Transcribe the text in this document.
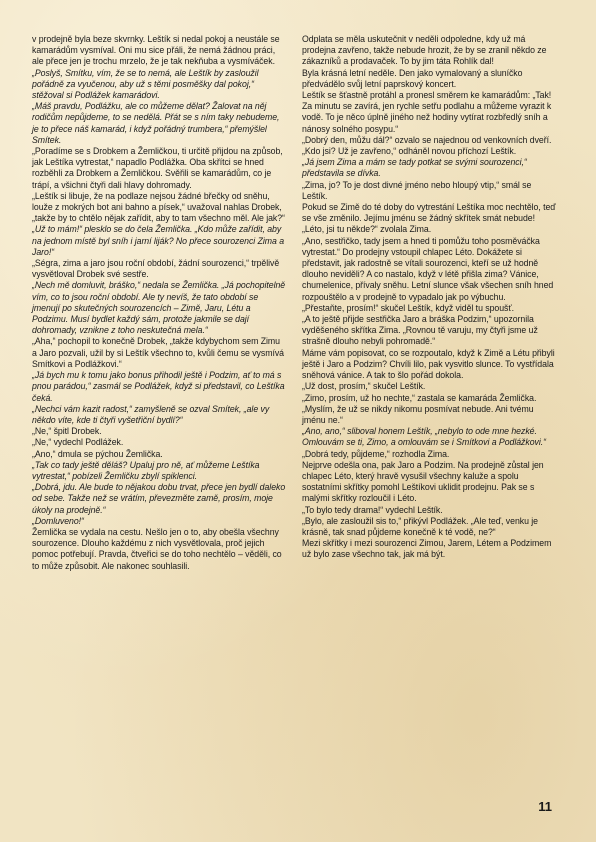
v prodejně byla beze skvrnky. Leštík si nedal pokoj a neustále se kamarádům vysmíval. Oni mu sice přáli, že nemá žádnou práci, ale přece jen je trochu mrzelo, že je tak nekňuba a vysmíváček.

„Poslyš, Smítku, vím, že se to nemá, ale Leštík by zasloužil pořádně za vyučenou, aby už s těmi posměšky dal pokoj,“ stěžoval si Podlážek kamarádovi.

„Máš pravdu, Podlážku, ale co můžeme dělat? Žalovat na něj rodičům nepůjdeme, to se nedělá. Přát se s ním taky nebudeme, je to přece náš kamarád, i když pořádný trumbera,“ přemýšlel Smítek.

„Poradíme se s Drobkem a Žemličkou, ti určitě přijdou na způsob, jak Leštíka vytrestat,“ napadlo Podlážka. Oba skřítci se hned rozběhli za Drobkem a Žemličkou. Svěřili se kamarádům, co je trápí, a všichni čtyři dali hlavy dohromady.

„Leštík si libuje, že na podlaze nejsou žádné břečky od sněhu, louže z mokrých bot ani bahno a písek,“ uvažoval nahlas Drobek, „takže by to chtělo nějak zařídit, aby to tam všechno měl. Ale jak?“

„Už to mám!“ plesklo se do čela Žemlička. „Kdo může zařídit, aby na jednom místě byl sníh i jarní liják? No přece sourozenci Zima a Jaro!“

„Ségra, zima a jaro jsou roční období, žádní sourozenci,“ trpělivě vysvětloval Drobek své sestře.

„Nech mě domluvit, bráško,“ nedala se Žemlička. „Já pochopitelně vím, co to jsou roční období. Ale ty nevíš, že tato období se jmenují po skutečných sourozencích – Zimě, Jaru, Létu a Podzimu. Musí bydlet každý sám, protože jakmile se dají dohromady, vznikne z toho neskutečná mela.“

„Aha,“ pochopil to konečně Drobek, „takže kdybychom sem Zimu a Jaro pozvali, užil by si Leštík všechno to, kvůli čemu se vysmívá Smítkovi a Podlážkovi.“

„Já bych mu k tomu jako bonus přihodil ještě i Podzim, ať to má s pnou parádou,“ zasmál se Podlážek, když si představil, co Leštíka čeká.

„Nechci vám kazit radost,“ zamyšleně se ozval Smítek, „ale vy někdo víte, kde ti čtyři vyšetřiční bydlí?“

„Ne,“ špitl Drobek.

„Ne,“ vydechl Podlážek.

„Ano,“ dmula se pýchou Žemlička.

„Tak co tady ještě děláš? Upaluj pro ně, ať můžeme Leštíka vytrestat,“ pobízeli Žemličku zbylí spiklenci.

„Dobrá, jdu. Ale bude to nějakou dobu trvat, přece jen bydlí daleko od sebe. Takže než se vrátím, převezměte zamě, prosím, moje úkoly na prodejně.“

„Domluveno!“

Žemlička se vydala na cestu. Nešlo jen o to, aby obešla všechny sourozence. Dlouho každému z nich vysvětlovala, proč jejich pomoc potřebují. Pravda, čtveřici se do toho nechtělo – věděli, co to může způsobit. Ale nakonec souhlasili.

Odplata se měla uskutečnit v neděli odpoledne, kdy už má prodejna zavřeno, takže nebude hrozit, že by se zranil někdo ze zákazníků a prodavaček. To by jim táta Rohlík dal!

Byla krásná letní neděle. Den jako vymalovaný a sluníčko předvádělo svůj letní paprskový koncert.

Leštík se šťastně protáhl a pronesl směrem ke kamarádům: „Tak! Za minutu se zavírá, jen rychle setřu podlahu a můžeme vyrazit k vodě. To je něco úplně jiného než hodiny vytírat rozbředlý sníh a nánosy solného posypu.“

„Dobrý den, můžu dál?“ ozvalo se najednou od venkovních dveří.

„Kdo jsi? Už je zavřeno,“ odháněl novou příchozí Leštík.

„Já jsem Zima a mám se tady potkat se svými sourozenci,“ představila se dívka.

„Zima, jo? To je dost divné jméno nebo hloupý vtip,“ smál se Leštík.

Pokud se Zimě do té doby do vytrestání Leštíka moc nechtělo, teď se vše změnilo. Jejímu jménu se žádný skřítek smát nebude!

„Léto, jsi tu někde?“ zvolala Zima.

„Ano, sestřičko, tady jsem a hned ti pomůžu toho posměváčka vytrestat.“ Do prodejny vstoupil chlapec Léto. Dokážete si představit, jak radostně se vítali sourozenci, kteří se už hodně dlouho neviděli? A co nastalo, když v létě přišla zima? Vánice, chumelenice, přívaly sněhu. Letní slunce však všechen sníh hned rozpouštělo a v prodejně to vypadalo jak po výbuchu.

„Přestaňte, prosím!“ skučel Leštík, když viděl tu spoušť.

„A to ještě přijde sestřička Jaro a bráška Podzim,“ upozornila vyděšeného skřítka Zima. „Rovnou tě varuju, my čtyři jsme už strašně dlouho nebyli pohromadě.“

Máme vám popisovat, co se rozpoutalo, když k Zimě a Létu přibyli ještě i Jaro a Podzim? Chvíli lilo, pak vysvitlo slunce. To vystřídala sněhová vánice. A tak to šlo pořád dokola.

„Už dost, prosím,“ skučel Leštík.

„Zimo, prosím, už ho nechte,“ zastala se kamaráda Žemlička. „Myslím, že už se nikdy nikomu posmívat nebude. Ani tvému jménu ne.“

„Ano, ano,“ sliboval honem Leštík, „nebylo to ode mne hezké. Omlouvám se ti, Zimo, a omlouvám se i Smítkovi a Podlážkovi.“

„Dobrá tedy, půjdeme,“ rozhodla Zima.

Nejprve odešla ona, pak Jaro a Podzim. Na prodejně zůstal jen chlapec Léto, který hravě vysušil všechny kaluže a spolu sostatními skřítky pomohl Leštíkovi uklidit prodejnu. Pak se s malými skřítky rozloučil i Léto.

„To bylo tedy drama!“ vydechl Leštík.

„Bylo, ale zasloužil sis to,“ přikývl Podlážek. „Ale teď, venku je krásně, tak snad půjdeme konečně k té vodě, ne?“

Mezi skřítky i mezi sourozenci Zimou, Jarem, Létem a Podzimem už bylo zase všechno tak, jak má být.

11
